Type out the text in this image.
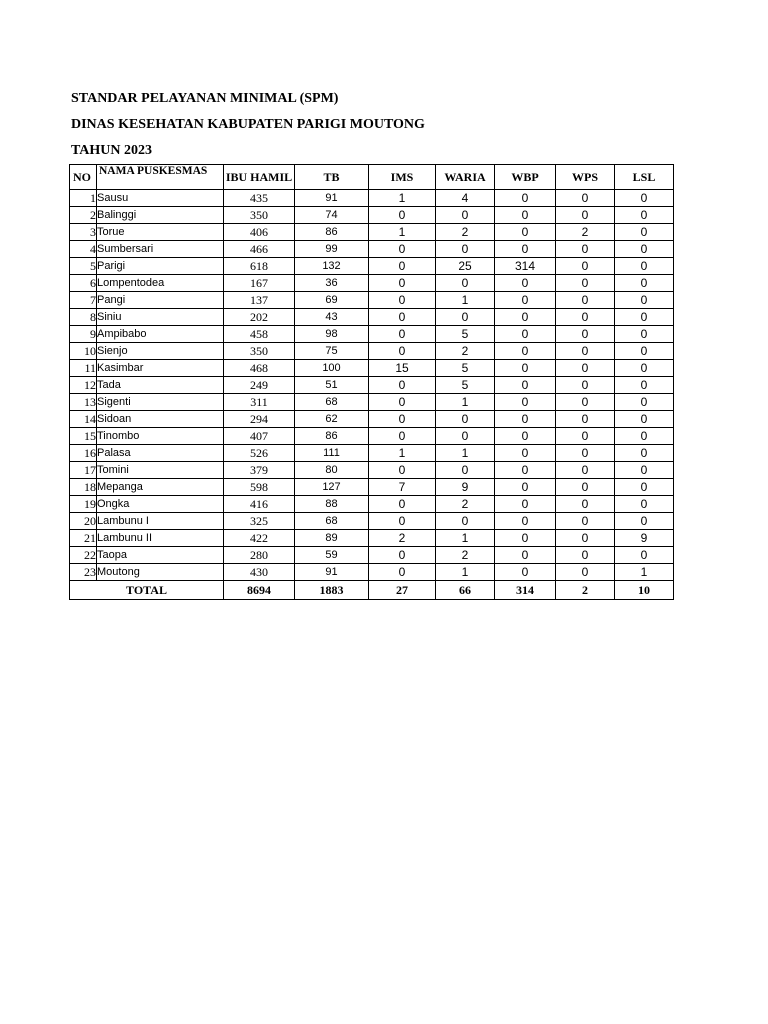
STANDAR PELAYANAN MINIMAL (SPM)
DINAS KESEHATAN KABUPATEN PARIGI MOUTONG
TAHUN 2023
NO	NAMA PUSKESMAS	IBU HAMIL	TB	IMS	WARIA	WBP	WPS	LSL
1	Sausu	435	91	1	4	0	0	0
2	Balinggi	350	74	0	0	0	0	0
3	Torue	406	86	1	2	0	2	0
4	Sumbersari	466	99	0	0	0	0	0
5	Parigi	618	132	0	25	314	0	0
6	Lompentodea	167	36	0	0	0	0	0
7	Pangi	137	69	0	1	0	0	0
8	Siniu	202	43	0	0	0	0	0
9	Ampibabo	458	98	0	5	0	0	0
10	Sienjo	350	75	0	2	0	0	0
11	Kasimbar	468	100	15	5	0	0	0
12	Tada	249	51	0	5	0	0	0
13	Sigenti	311	68	0	1	0	0	0
14	Sidoan	294	62	0	0	0	0	0
15	Tinombo	407	86	0	0	0	0	0
16	Palasa	526	111	1	1	0	0	0
17	Tomini	379	80	0	0	0	0	0
18	Mepanga	598	127	7	9	0	0	0
19	Ongka	416	88	0	2	0	0	0
20	Lambunu I	325	68	0	0	0	0	0
21	Lambunu II	422	89	2	1	0	0	9
22	Taopa	280	59	0	2	0	0	0
23	Moutong	430	91	0	1	0	0	1
TOTAL		8694	1883	27	66	314	2	10
